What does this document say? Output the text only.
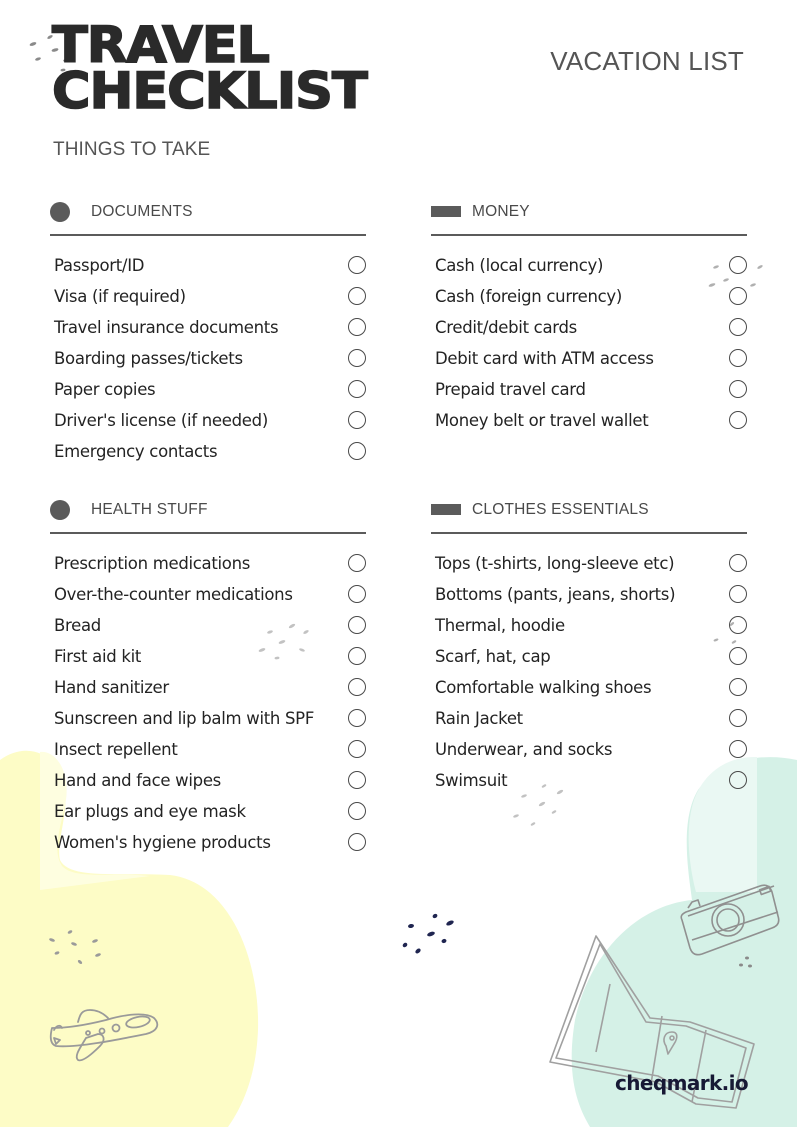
TRAVEL
CHECKLIST
THINGS TO TAKE
VACATION LIST
DOCUMENTS
Passport/ID
Visa (if required)
Travel insurance documents
Boarding passes/tickets
Paper copies
Driver's license (if needed)
Emergency contacts
MONEY
Cash (local currency)
Cash (foreign currency)
Credit/debit cards
Debit card with ATM access
Prepaid travel card
Money belt or travel wallet
HEALTH STUFF
Prescription medications
Over-the-counter medications
Bread
First aid kit
Hand sanitizer
Sunscreen and lip balm with SPF
Insect repellent
Hand and face wipes
Ear plugs and eye mask
Women's hygiene products
CLOTHES ESSENTIALS
Tops (t-shirts, long-sleeve etc)
Bottoms (pants, jeans, shorts)
Thermal, hoodie
Scarf, hat, cap
Comfortable walking shoes
Rain Jacket
Underwear, and socks
Swimsuit
cheqmark.io
